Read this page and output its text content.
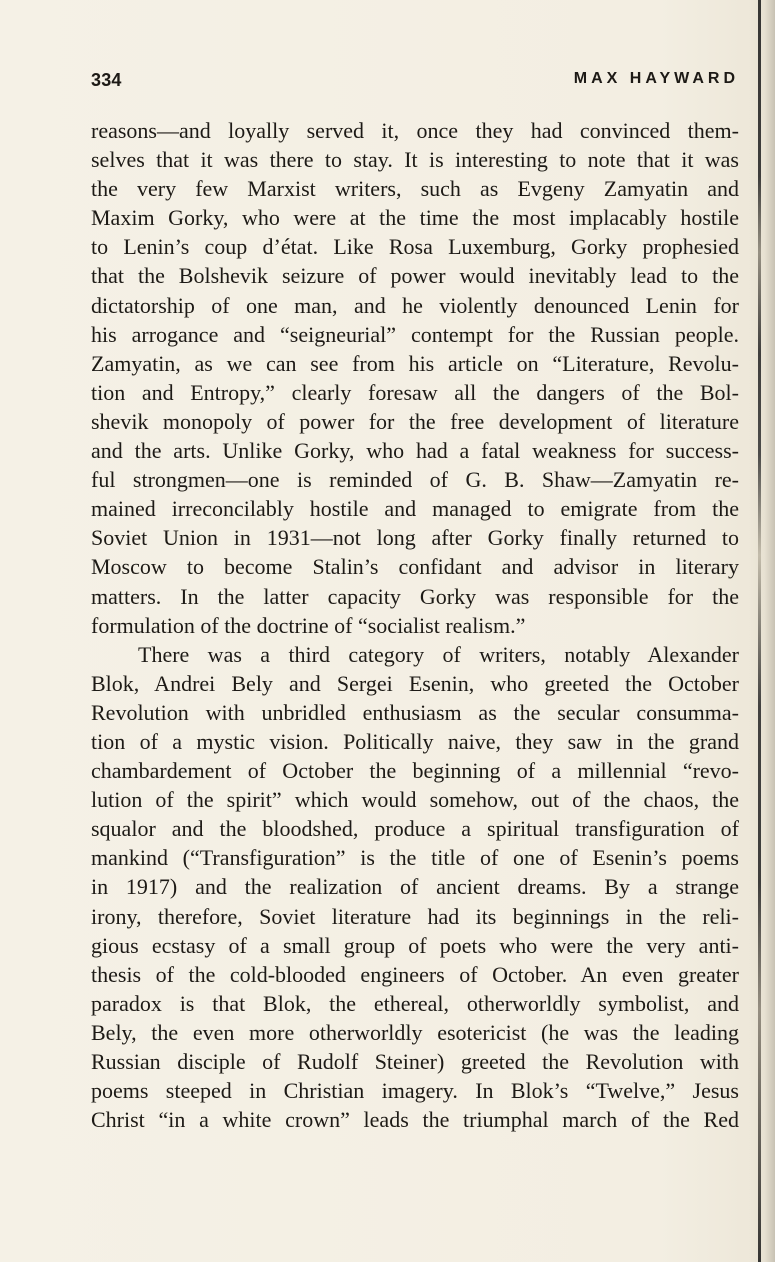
334	MAX HAYWARD
reasons—and loyally served it, once they had convinced them-
selves that it was there to stay. It is interesting to note that it was
the very few Marxist writers, such as Evgeny Zamyatin and
Maxim Gorky, who were at the time the most implacably hostile
to Lenin’s coup d’état. Like Rosa Luxemburg, Gorky prophesied
that the Bolshevik seizure of power would inevitably lead to the
dictatorship of one man, and he violently denounced Lenin for
his arrogance and “seigneurial” contempt for the Russian people.
Zamyatin, as we can see from his article on “Literature, Revolu-
tion and Entropy,” clearly foresaw all the dangers of the Bol-
shevik monopoly of power for the free development of literature
and the arts. Unlike Gorky, who had a fatal weakness for success-
ful strongmen—one is reminded of G. B. Shaw—Zamyatin re-
mained irreconcilably hostile and managed to emigrate from the
Soviet Union in 1931—not long after Gorky finally returned to
Moscow to become Stalin’s confidant and advisor in literary
matters. In the latter capacity Gorky was responsible for the
formulation of the doctrine of “socialist realism.”
There was a third category of writers, notably Alexander
Blok, Andrei Bely and Sergei Esenin, who greeted the October
Revolution with unbridled enthusiasm as the secular consumma-
tion of a mystic vision. Politically naive, they saw in the grand
chambardement of October the beginning of a millennial “revo-
lution of the spirit” which would somehow, out of the chaos, the
squalor and the bloodshed, produce a spiritual transfiguration of
mankind (“Transfiguration” is the title of one of Esenin’s poems
in 1917) and the realization of ancient dreams. By a strange
irony, therefore, Soviet literature had its beginnings in the reli-
gious ecstasy of a small group of poets who were the very anti-
thesis of the cold-blooded engineers of October. An even greater
paradox is that Blok, the ethereal, otherworldly symbolist, and
Bely, the even more otherworldly esotericist (he was the leading
Russian disciple of Rudolf Steiner) greeted the Revolution with
poems steeped in Christian imagery. In Blok’s “Twelve,” Jesus
Christ “in a white crown” leads the triumphal march of the Red
